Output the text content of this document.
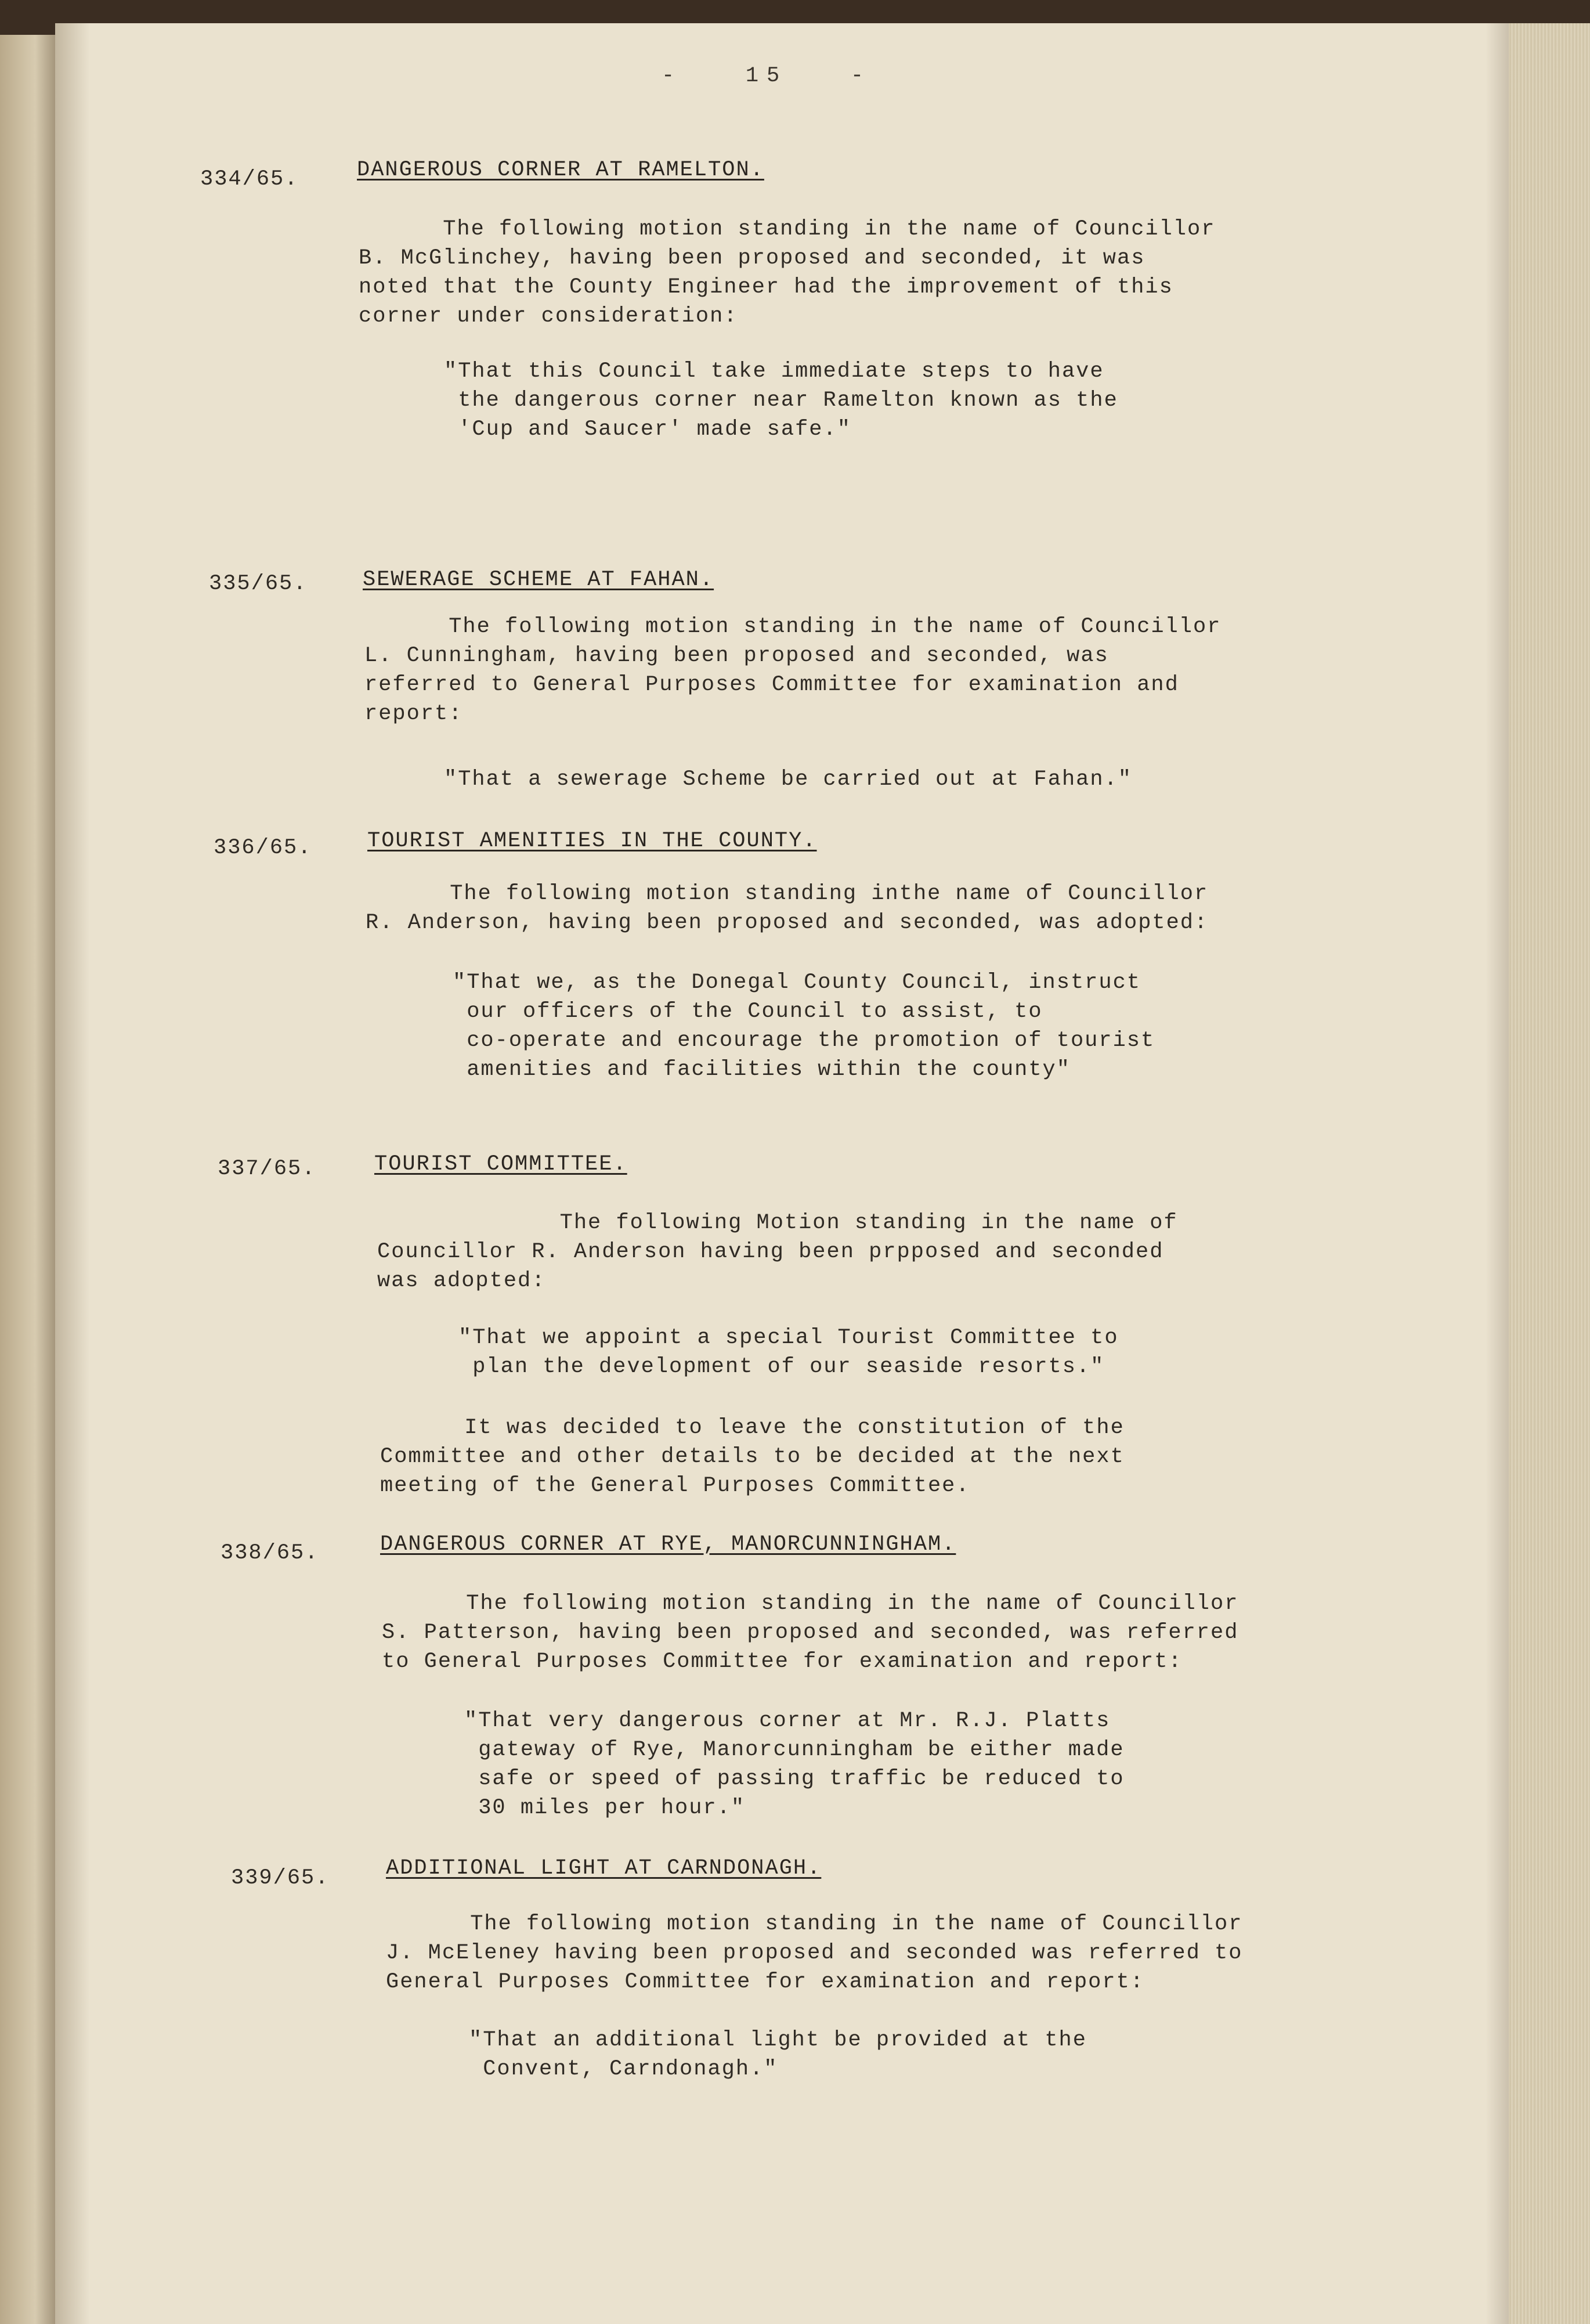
-   15   -
334/65.	DANGEROUS CORNER AT RAMELTON.
The following motion standing in the name of Councillor
B. McGlinchey, having been proposed and seconded, it was
noted that the County Engineer had the improvement of this
corner under consideration:
"That this Council take immediate steps to have
the dangerous corner near Ramelton known as the
'Cup and Saucer' made safe."
335/65.	SEWERAGE SCHEME AT FAHAN.
The following motion standing in the name of Councillor
L. Cunningham, having been proposed and seconded, was
referred to General Purposes Committee for examination and
report:
"That a sewerage Scheme be carried out at Fahan."
336/65.	TOURIST AMENITIES IN THE COUNTY.
The following motion standing inthe name of Councillor
R. Anderson, having been proposed and seconded, was adopted:
"That we, as the Donegal County Council, instruct
our officers of the Council to assist, to
co-operate and encourage the promotion of tourist
amenities and facilities within the county"
337/65.	TOURIST COMMITTEE.
The following Motion standing in the name of
Councillor R. Anderson having been prpposed and seconded
was adopted:
"That we appoint a special Tourist Committee to
plan the development of our seaside resorts."
It was decided to leave the constitution of the
Committee and other details to be decided at the next
meeting of the General Purposes Committee.
338/65.	DANGEROUS CORNER AT RYE, MANORCUNNINGHAM.
The following motion standing in the name of Councillor
S. Patterson, having been proposed and seconded, was referred
to General Purposes Committee for examination and report:
"That very dangerous corner at Mr. R.J. Platts
gateway of Rye, Manorcunningham be either made
safe or speed of passing traffic be reduced to
30 miles per hour."
339/65.	ADDITIONAL LIGHT AT CARNDONAGH.
The following motion standing in the name of Councillor
J. McEleney having been proposed and seconded was referred to
General Purposes Committee for examination and report:
"That an additional light be provided at the
Convent, Carndonagh."
